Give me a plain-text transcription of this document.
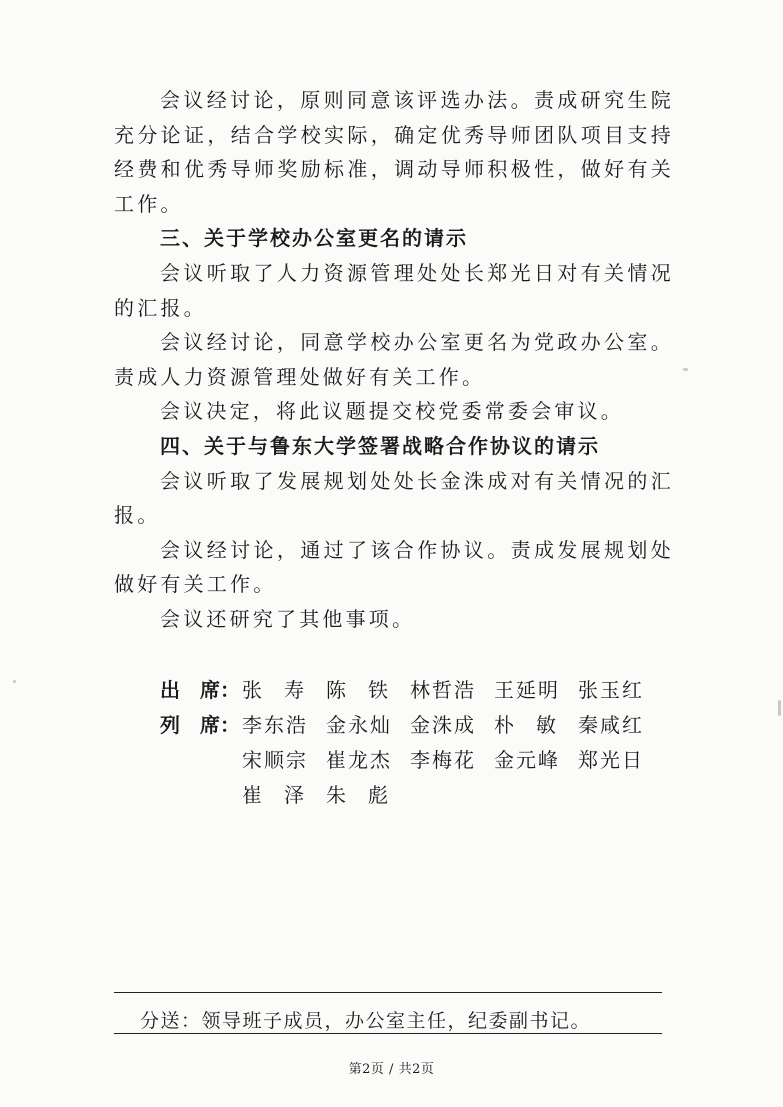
会议经讨论，原则同意该评选办法。责成研究生院充分论证，结合学校实际，确定优秀导师团队项目支持经费和优秀导师奖励标准，调动导师积极性，做好有关工作。

三、关于学校办公室更名的请示

会议听取了人力资源管理处处长郑光日对有关情况的汇报。

会议经讨论，同意学校办公室更名为党政办公室。责成人力资源管理处做好有关工作。

会议决定，将此议题提交校党委常委会审议。

四、关于与鲁东大学签署战略合作协议的请示

会议听取了发展规划处处长金洙成对有关情况的汇报。

会议经讨论，通过了该合作协议。责成发展规划处做好有关工作。

会议还研究了其他事项。

出　席： 张　寿	陈　铁	林哲浩 王延明 张玉红
列　席： 李东浩 金永灿 金洙成 朴　敏	秦咸红
宋顺宗 崔龙杰 李梅花 金元峰 郑光日
崔　泽	朱　彪
分送：领导班子成员，办公室主任，纪委副书记。
第2页 / 共2页
